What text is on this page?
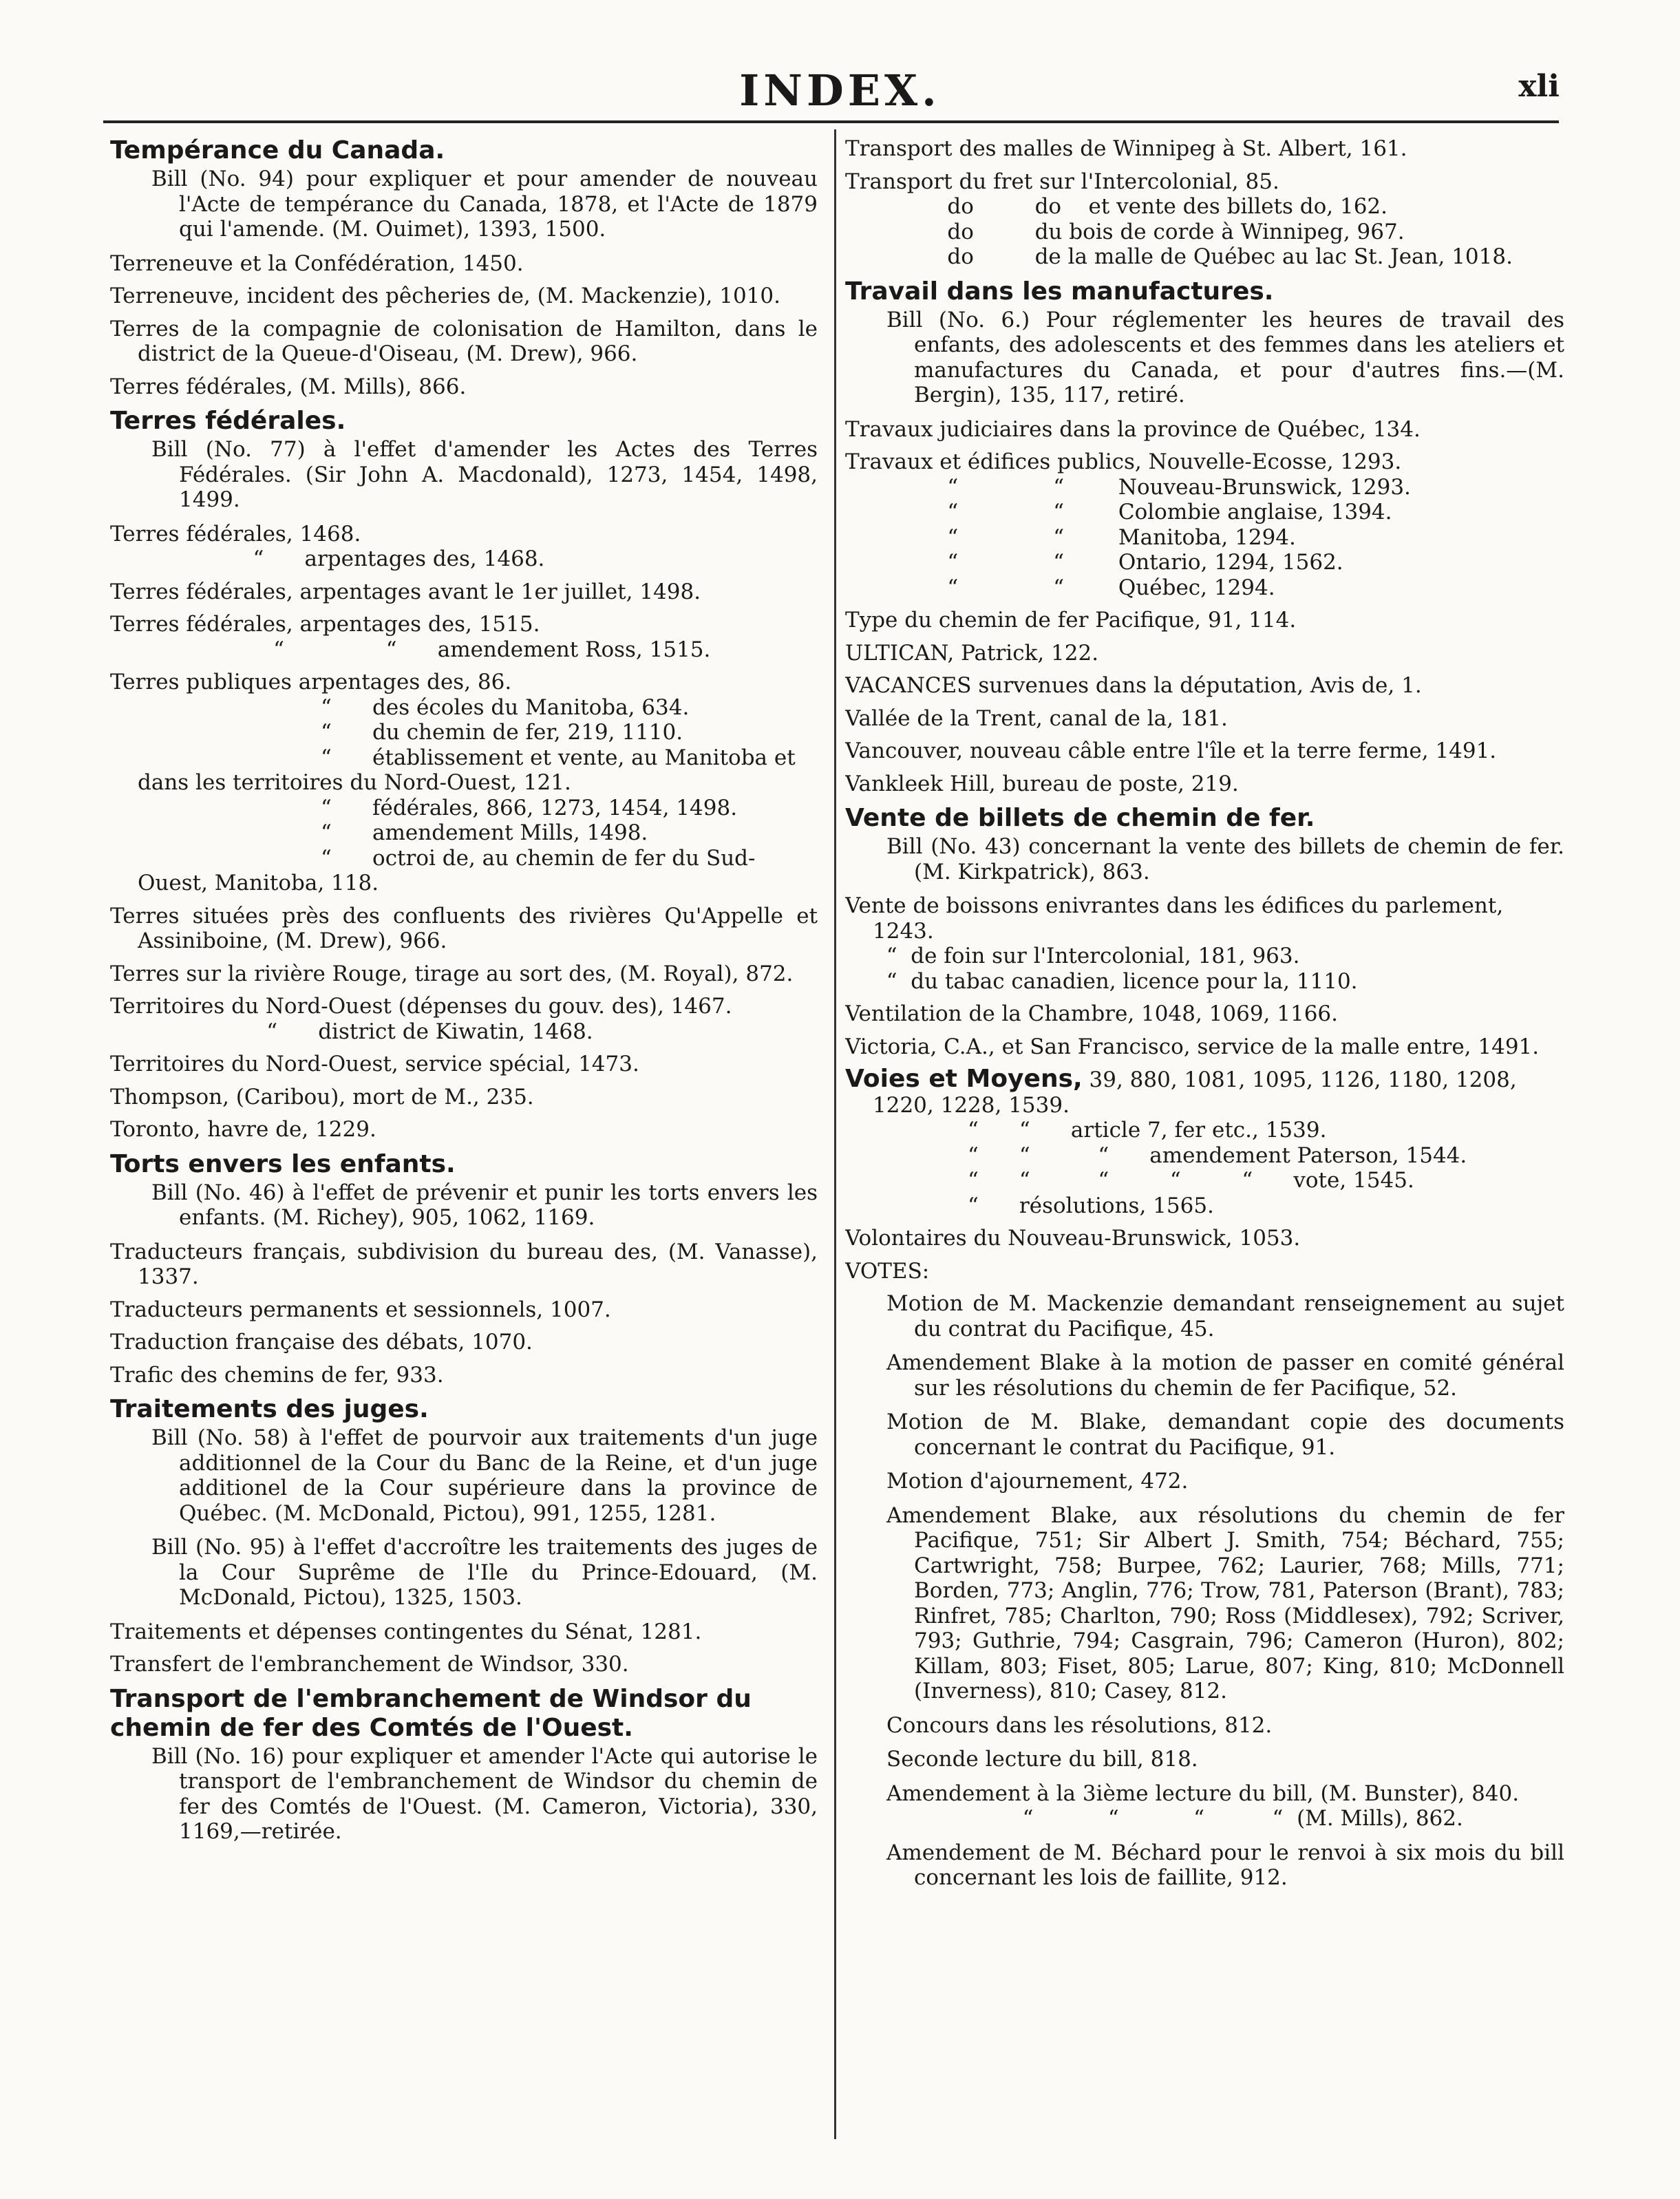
INDEX.	xli
Tempérance du Canada.
Bill (No. 94) pour expliquer et pour amender de nouveau l'Acte de tempérance du Canada, 1878, et l'Acte de 1879 qui l'amende. (M. Ouimet), 1393, 1500.
Terreneuve et la Confédération, 1450.
Terreneuve, incident des pêcheries de, (M. Mackenzie), 1010.
Terres de la compagnie de colonisation de Hamilton, dans le district de la Queue-d'Oiseau, (M. Drew), 966.
Terres fédérales, (M. Mills), 866.
Terres fédérales.
Bill (No. 77) à l'effet d'amender les Actes des Terres Fédérales. (Sir John A. Macdonald), 1273, 1454, 1498, 1499.
Terres fédérales, 1468.
“      arpentages des, 1468.
Terres fédérales, arpentages avant le 1er juillet, 1498.
Terres fédérales, arpentages des, 1515.
“               “      amendement Ross, 1515.
Terres publiques arpentages des, 86.
“      des écoles du Manitoba, 634.
“      du chemin de fer, 219, 1110.
“      établissement et vente, au Manitoba et dans les territoires du Nord-Ouest, 121.
“      fédérales, 866, 1273, 1454, 1498.
“      amendement Mills, 1498.
“      octroi de, au chemin de fer du Sud-Ouest, Manitoba, 118.
Terres situées près des confluents des rivières Qu'Appelle et Assiniboine, (M. Drew), 966.
Terres sur la rivière Rouge, tirage au sort des, (M. Royal), 872.
Territoires du Nord-Ouest (dépenses du gouv. des), 1467.
“      district de Kiwatin, 1468.
Territoires du Nord-Ouest, service spécial, 1473.
Thompson, (Caribou), mort de M., 235.
Toronto, havre de, 1229.
Torts envers les enfants.
Bill (No. 46) à l'effet de prévenir et punir les torts envers les enfants. (M. Richey), 905, 1062, 1169.
Traducteurs français, subdivision du bureau des, (M. Vanasse), 1337.
Traducteurs permanents et sessionnels, 1007.
Traduction française des débats, 1070.
Trafic des chemins de fer, 933.
Traitements des juges.
Bill (No. 58) à l'effet de pourvoir aux traitements d'un juge additionnel de la Cour du Banc de la Reine, et d'un juge additionel de la Cour supérieure dans la province de Québec. (M. McDonald, Pictou), 991, 1255, 1281.
Bill (No. 95) à l'effet d'accroître les traitements des juges de la Cour Suprême de l'Ile du Prince-Edouard, (M. McDonald, Pictou), 1325, 1503.
Traitements et dépenses contingentes du Sénat, 1281.
Transfert de l'embranchement de Windsor, 330.
Transport de l'embranchement de Windsor du chemin de fer des Comtés de l'Ouest.
Bill (No. 16) pour expliquer et amender l'Acte qui autorise le transport de l'embranchement de Windsor du chemin de fer des Comtés de l'Ouest. (M. Cameron, Victoria), 330, 1169,—retirée.
Transport des malles de Winnipeg à St. Albert, 161.
Transport du fret sur l'Intercolonial, 85.
do         do    et vente des billets do, 162.
do         du bois de corde à Winnipeg, 967.
do         de la malle de Québec au lac St. Jean, 1018.
Travail dans les manufactures.
Bill (No. 6.) Pour réglementer les heures de travail des enfants, des adolescents et des femmes dans les ateliers et manufactures du Canada, et pour d'autres fins.—(M. Bergin), 135, 117, retiré.
Travaux judiciaires dans la province de Québec, 134.
Travaux et édifices publics, Nouvelle-Ecosse, 1293.
“              “        Nouveau-Brunswick, 1293.
“              “        Colombie anglaise, 1394.
“              “        Manitoba, 1294.
“              “        Ontario, 1294, 1562.
“              “        Québec, 1294.
Type du chemin de fer Pacifique, 91, 114.
ULTICAN, Patrick, 122.
VACANCES survenues dans la députation, Avis de, 1.
Vallée de la Trent, canal de la, 181.
Vancouver, nouveau câble entre l'île et la terre ferme, 1491.
Vankleek Hill, bureau de poste, 219.
Vente de billets de chemin de fer.
Bill (No. 43) concernant la vente des billets de chemin de fer. (M. Kirkpatrick), 863.
Vente de boissons enivrantes dans les édifices du parlement, 1243.
“  de foin sur l'Intercolonial, 181, 963.
“  du tabac canadien, licence pour la, 1110.
Ventilation de la Chambre, 1048, 1069, 1166.
Victoria, C.A., et San Francisco, service de la malle entre, 1491.
Voies et Moyens, 39, 880, 1081, 1095, 1126, 1180, 1208, 1220, 1228, 1539.
“      “      article 7, fer etc., 1539.
“      “          “      amendement Paterson, 1544.
“      “          “         “         “      vote, 1545.
“      résolutions, 1565.
Volontaires du Nouveau-Brunswick, 1053.
VOTES:
Motion de M. Mackenzie demandant renseignement au sujet du contrat du Pacifique, 45.
Amendement Blake à la motion de passer en comité général sur les résolutions du chemin de fer Pacifique, 52.
Motion de M. Blake, demandant copie des documents concernant le contrat du Pacifique, 91.
Motion d'ajournement, 472.
Amendement Blake, aux résolutions du chemin de fer Pacifique, 751; Sir Albert J. Smith, 754; Béchard, 755; Cartwright, 758; Burpee, 762; Laurier, 768; Mills, 771; Borden, 773; Anglin, 776; Trow, 781, Paterson (Brant), 783; Rinfret, 785; Charlton, 790; Ross (Middlesex), 792; Scriver, 793; Guthrie, 794; Casgrain, 796; Cameron (Huron), 802; Killam, 803; Fiset, 805; Larue, 807; King, 810; McDonnell (Inverness), 810; Casey, 812.
Concours dans les résolutions, 812.
Seconde lecture du bill, 818.
Amendement à la 3ième lecture du bill, (M. Bunster), 840.
“           “           “          “  (M. Mills), 862.
Amendement de M. Béchard pour le renvoi à six mois du bill concernant les lois de faillite, 912.
